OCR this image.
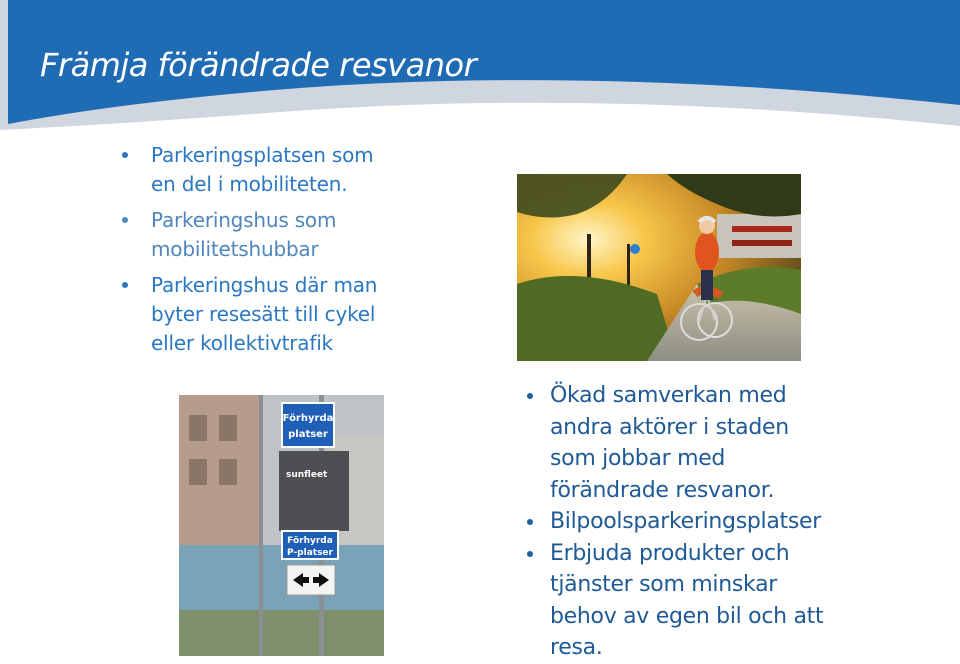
Främja förändrade resvanor
Parkeringsplatsen som
en del i mobiliteten.
Parkeringshus som
mobilitetshubbar
Parkeringshus där man
byter resesätt till cykel
eller kollektivtrafik
Förhyrda
platser
sunfleet
Förhyrda
P-platser
Ökad samverkan med
andra aktörer i staden
som jobbar med
förändrade resvanor.
Bilpoolsparkeringsplatser
Erbjuda produkter och
tjänster som minskar
behov av egen bil och att
resa.
